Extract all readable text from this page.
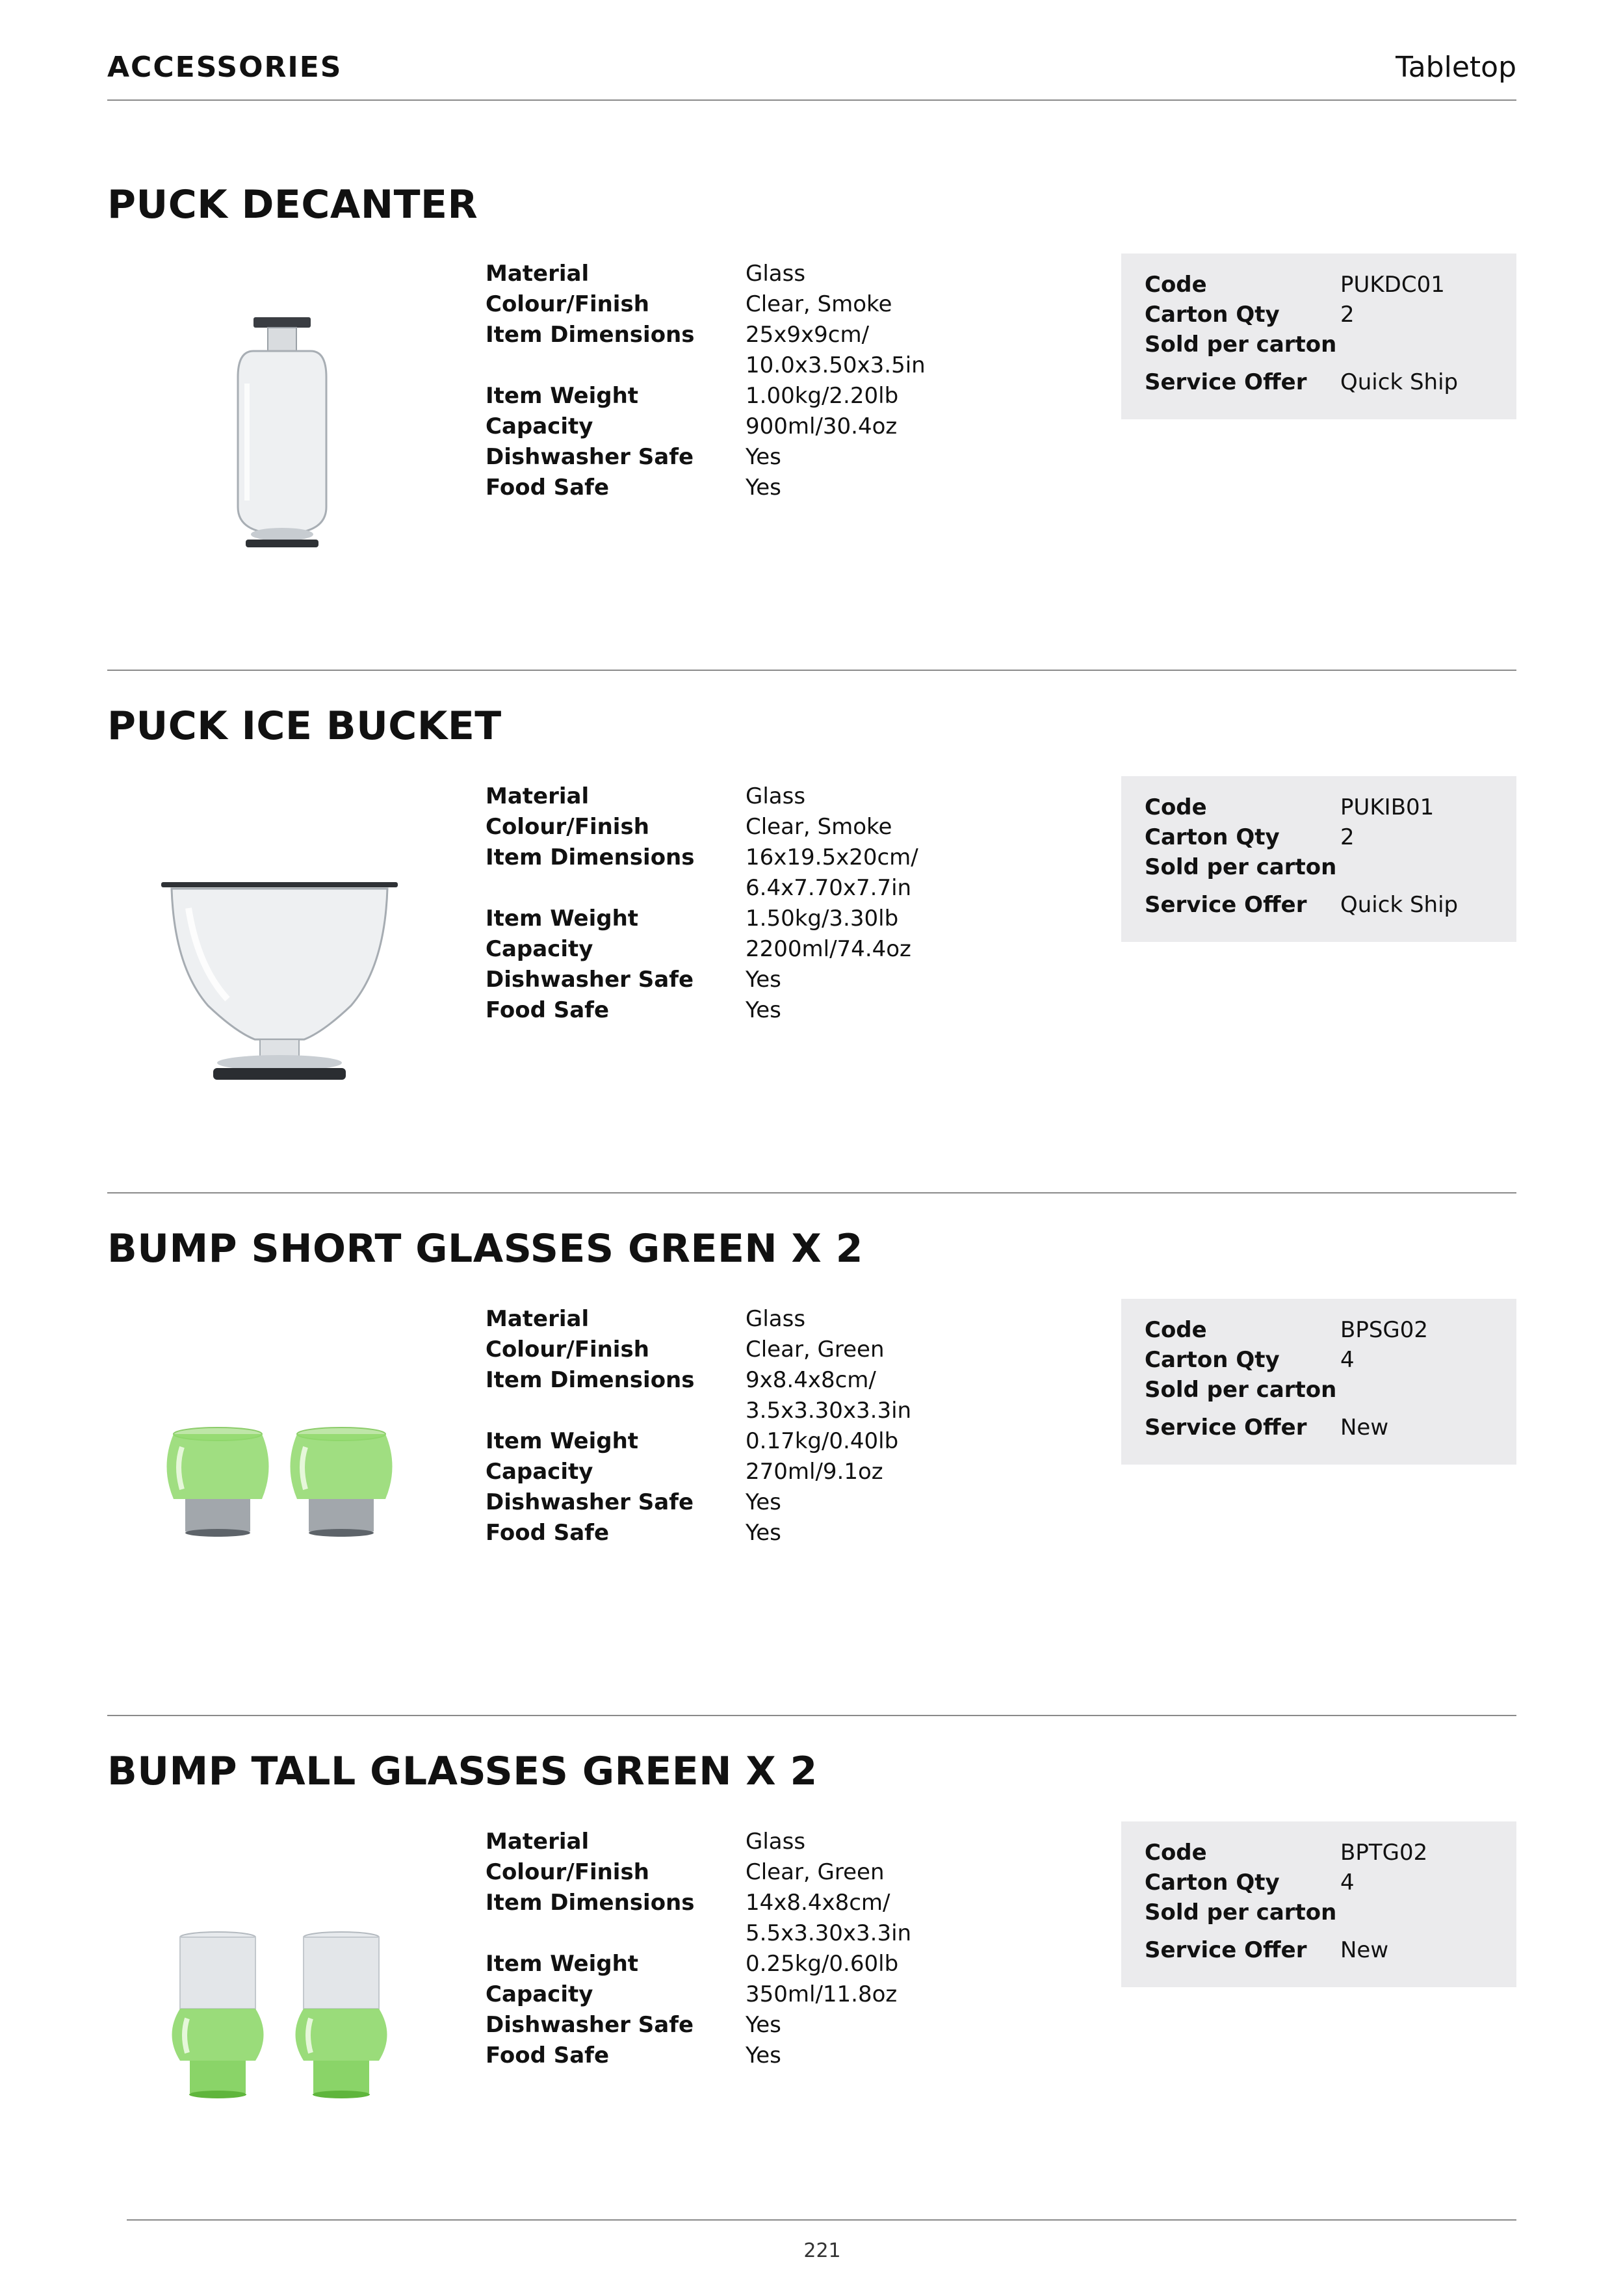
ACCESSORIES	Tabletop
PUCK DECANTER
Material	Glass
Colour/Finish	Clear, Smoke
Item Dimensions 25x9x9cm/
10.0x3.50x3.5in
Item Weight	1.00kg/2.20lb
Capacity	900ml/30.4oz
Dishwasher Safe Yes
Food Safe	Yes
Code	PUKDC01
Carton Qty	2
Sold per carton
Service Offer Quick Ship
PUCK ICE BUCKET
Material	Glass
Colour/Finish	Clear, Smoke
Item Dimensions 16x19.5x20cm/
6.4x7.70x7.7in
Item Weight	1.50kg/3.30lb
Capacity	2200ml/74.4oz
Dishwasher Safe Yes
Food Safe	Yes
Code	PUKIB01
Carton Qty	2
Sold per carton
Service Offer Quick Ship
BUMP SHORT GLASSES GREEN X 2
Material	Glass
Colour/Finish	Clear, Green
Item Dimensions 9x8.4x8cm/
3.5x3.30x3.3in
Item Weight	0.17kg/0.40lb
Capacity	270ml/9.1oz
Dishwasher Safe Yes
Food Safe	Yes
Code	BPSG02
Carton Qty	4
Sold per carton
Service Offer New
BUMP TALL GLASSES GREEN X 2
Material	Glass
Colour/Finish	Clear, Green
Item Dimensions 14x8.4x8cm/
5.5x3.30x3.3in
Item Weight	0.25kg/0.60lb
Capacity	350ml/11.8oz
Dishwasher Safe Yes
Food Safe	Yes
Code	BPTG02
Carton Qty	4
Sold per carton
Service Offer New
221
